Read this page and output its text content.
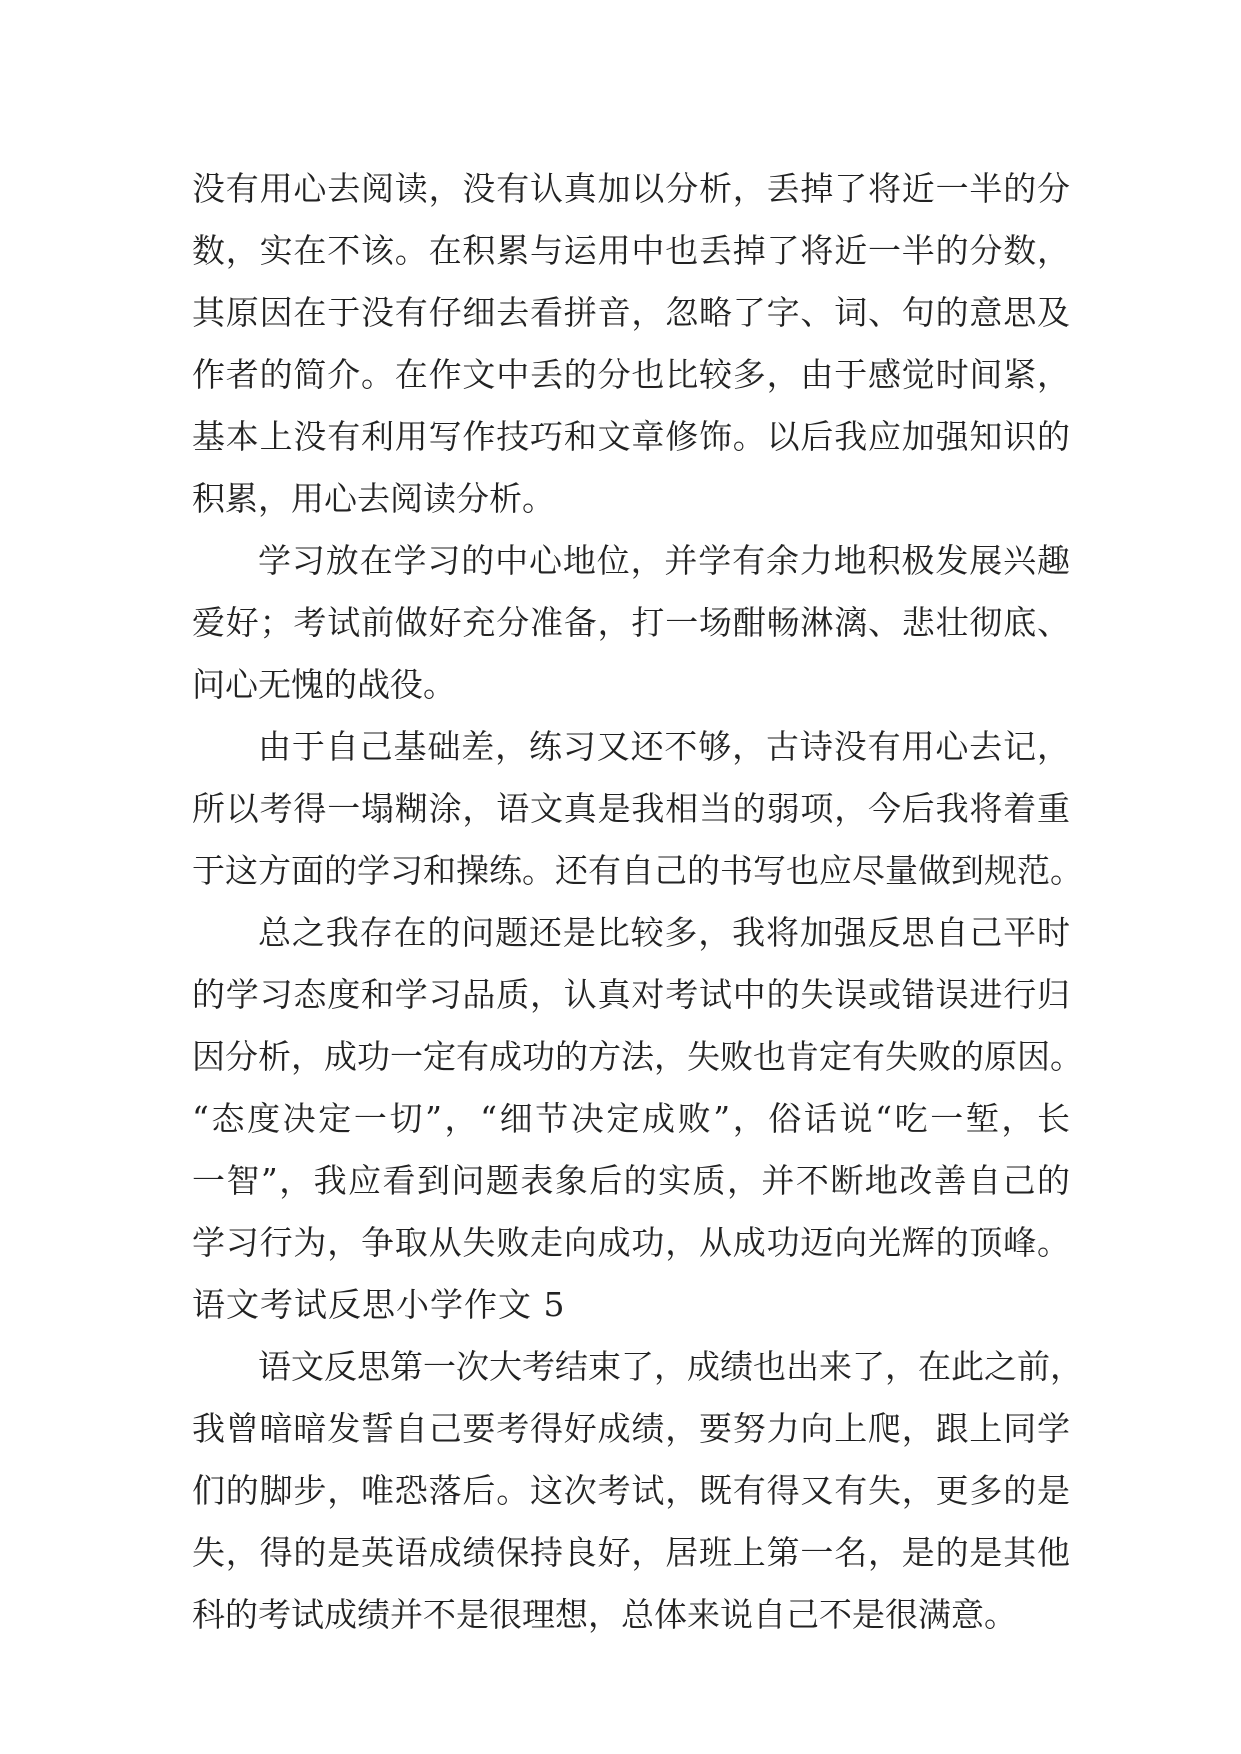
没有用心去阅读，没有认真加以分析，丢掉了将近一半的分
数，实在不该。在积累与运用中也丢掉了将近一半的分数，
其原因在于没有仔细去看拼音，忽略了字、词、句的意思及
作者的简介。在作文中丢的分也比较多，由于感觉时间紧，
基本上没有利用写作技巧和文章修饰。以后我应加强知识的
积累，用心去阅读分析。
学习放在学习的中心地位，并学有余力地积极发展兴趣
爱好；考试前做好充分准备，打一场酣畅淋漓、悲壮彻底、
问心无愧的战役。
由于自己基础差，练习又还不够，古诗没有用心去记，
所以考得一塌糊涂，语文真是我相当的弱项，今后我将着重
于这方面的学习和操练。还有自己的书写也应尽量做到规范。
总之我存在的问题还是比较多，我将加强反思自己平时
的学习态度和学习品质，认真对考试中的失误或错误进行归
因分析，成功一定有成功的方法，失败也肯定有失败的原因。
“态度决定一切”，“细节决定成败”，俗话说“吃一堑，长
一智”，我应看到问题表象后的实质，并不断地改善自己的
学习行为，争取从失败走向成功，从成功迈向光辉的顶峰。
语文考试反思小学作文 5
语文反思第一次大考结束了，成绩也出来了，在此之前，
我曾暗暗发誓自己要考得好成绩，要努力向上爬，跟上同学
们的脚步，唯恐落后。这次考试，既有得又有失，更多的是
失，得的是英语成绩保持良好，居班上第一名，是的是其他
科的考试成绩并不是很理想，总体来说自己不是很满意。
